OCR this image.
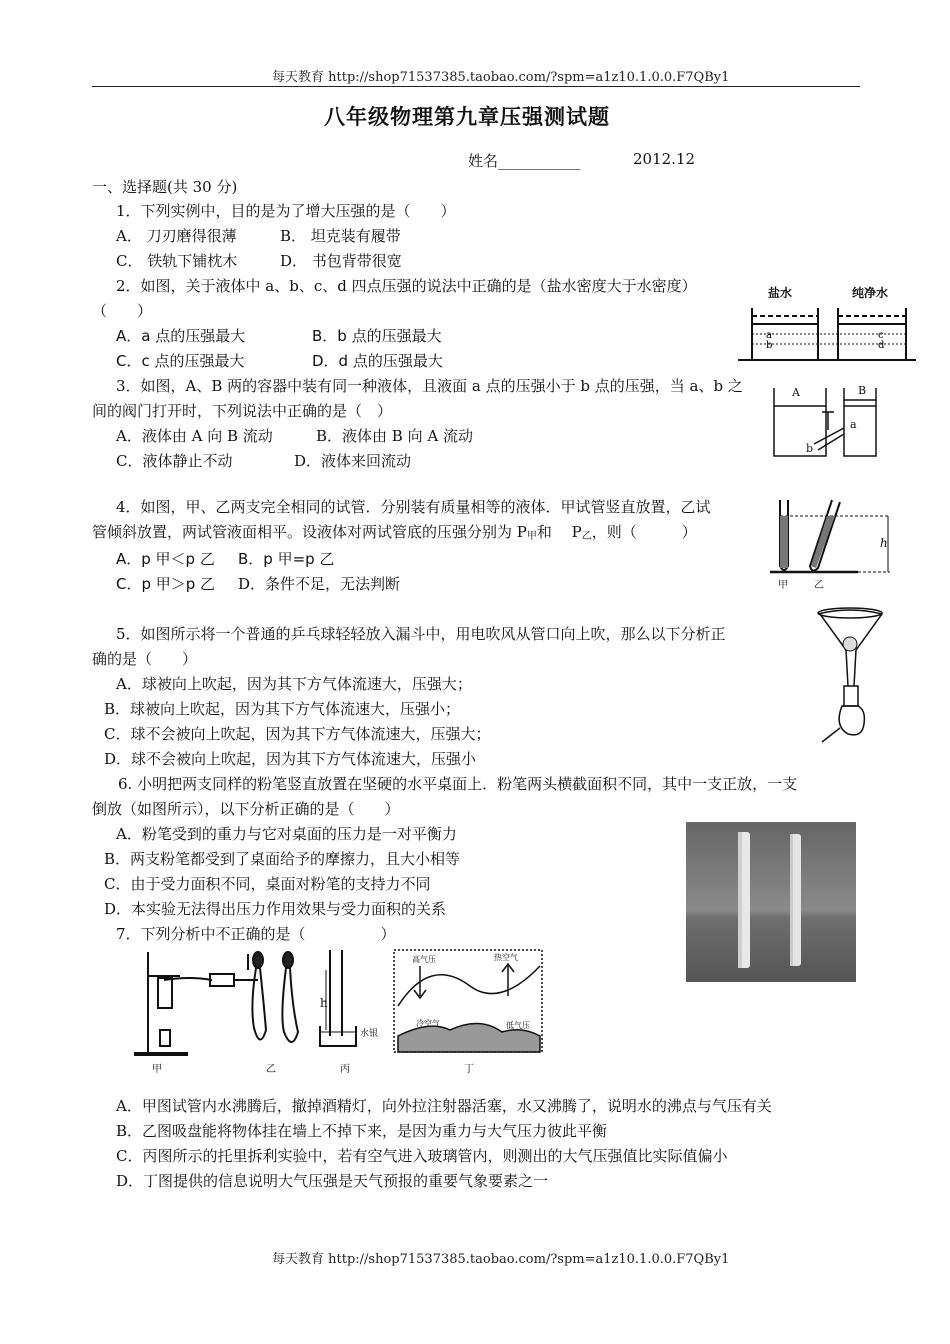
每天教育 http://shop71537385.taobao.com/?spm=a1z10.1.0.0.F7QBy1
每天教育 http://shop71537385.taobao.com/?spm=a1z10.1.0.0.F7QBy1
八年级物理第九章压强测试题
姓名___________	2012.12
一、选择题(共 30 分)
1．下列实例中，目的是为了增大压强的是（　　）
A． 刀刃磨得很薄	B． 坦克装有履带
C． 铁轨下铺枕木	D． 书包背带很宽
2．如图，关于液体中 a、b、c、d 四点压强的说法中正确的是（盐水密度大于水密度）
（　　）
A．a 点的压强最大	B．b 点的压强最大
C．c 点的压强最大	D．d 点的压强最大
a
b
c
d
盐水	纯净水
3．如图，A、B 两的容器中装有同一种液体，且液面 a 点的压强小于 b 点的压强，当 a、b 之
间的阀门打开时，下列说法中正确的是（　）
A．液体由 A 向 B 流动	B．液体由 B 向 A 流动
C．液体静止不动	D．液体来回流动
A	B
a
b
4．如图，甲、乙两支完全相同的试管．分别装有质量相等的液体．甲试管竖直放置，乙试
管倾斜放置，两试管液面相平。设液体对两试管底的压强分别为 $P_甲$和　 $P_乙$，则（　　　）
A．p 甲＜p 乙 B．p 甲=p 乙
C．p 甲＞p 乙 D．条件不足，无法判断
h
甲	乙
5．如图所示将一个普通的乒乓球轻轻放入漏斗中，用电吹风从管口向上吹，那么以下分析正
确的是（　　）
A．球被向上吹起，因为其下方气体流速大，压强大；
B．球被向上吹起，因为其下方气体流速大，压强小；
C．球不会被向上吹起，因为其下方气体流速大，压强大；
D．球不会被向上吹起，因为其下方气体流速大，压强小
6. 小明把两支同样的粉笔竖直放置在坚硬的水平桌面上．粉笔两头横截面积不同，其中一支正放，一支
倒放（如图所示），以下分析正确的是（　　）
A．粉笔受到的重力与它对桌面的压力是一对平衡力
B．两支粉笔都受到了桌面给予的摩擦力，且大小相等
C．由于受力面积不同，桌面对粉笔的支持力不同
D．本实验无法得出压力作用效果与受力面积的关系
7．下列分析中不正确的是（　　　　　）
甲	乙	丙	丁
h
水银
高气压	热空气
冷空气	低气压
A．甲图试管内水沸腾后，撤掉酒精灯，向外拉注射器活塞，水又沸腾了，说明水的沸点与气压有关
B．乙图吸盘能将物体挂在墙上不掉下来，是因为重力与大气压力彼此平衡
C．丙图所示的托里拆利实验中，若有空气进入玻璃管内，则测出的大气压强值比实际值偏小
D．丁图提供的信息说明大气压强是天气预报的重要气象要素之一
